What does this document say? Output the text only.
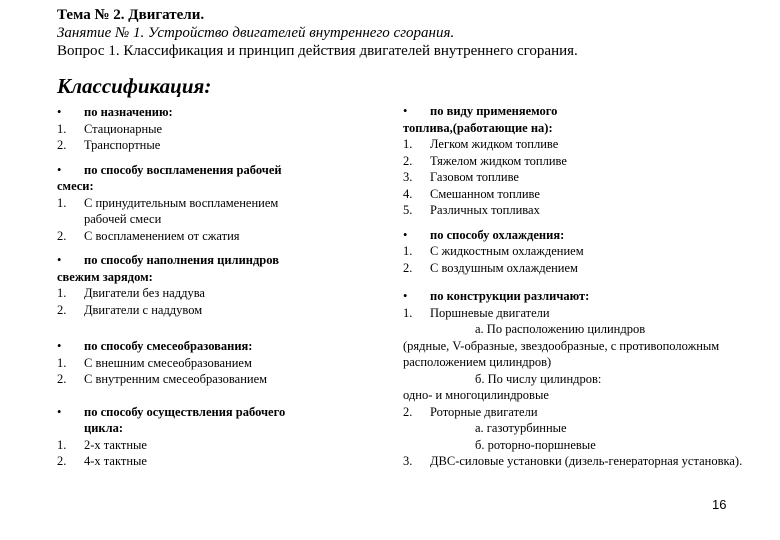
Тема № 2. Двигатели.
Занятие № 1. Устройство двигателей внутреннего сгорания.
Вопрос 1. Классификация и принцип действия двигателей внутреннего сгорания.
Классификация:
•	по назначению:
1.	Стационарные
2.	Транспортные
•	по способу воспламенения рабочей
смеси:
1.	С принудительным воспламенением
рабочей смеси
2.	С воспламенением от сжатия
•	по способу наполнения цилиндров
свежим зарядом:
1.	Двигатели без наддува
2.	Двигатели с наддувом
•	по способу смесеобразования:
1.	С внешним смесеобразованием
2.	С внутренним смесеобразованием
•	по способу осуществления рабочего
цикла:
1.	2-х тактные
2.	4-х тактные
•	по виду применяемого
топлива,(работающие на):
1.	Легком жидком топливе
2.	Тяжелом жидком топливе
3.	Газовом топливе
4.	Смешанном топливе
5.	Различных топливах
•	по способу охлаждения:
1.	С жидкостным охлаждением
2.	С воздушным охлаждением
•	по конструкции различают:
1.	Поршневые двигатели
а. По расположению цилиндров
(рядные, V-образные, звездообразные, с противоположным расположением цилиндров)
б. По числу цилиндров:
одно- и многоцилиндровые
2.	Роторные двигатели
а. газотурбинные
б. роторно-поршневые
3.	ДВС-силовые установки (дизель-генераторная установка).
16
